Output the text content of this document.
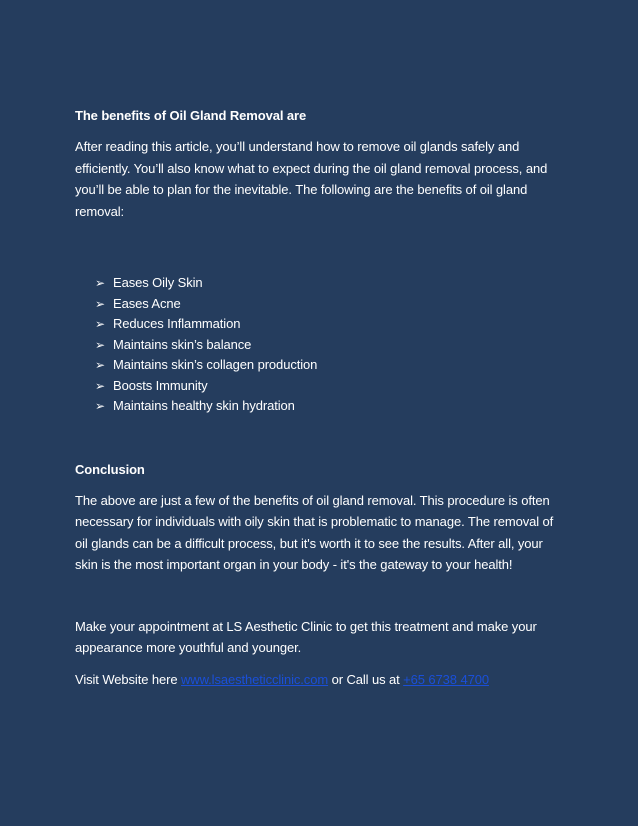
The benefits of Oil Gland Removal are

After reading this article, you’ll understand how to remove oil glands safely and efficiently. You’ll also know what to expect during the oil gland removal process, and you’ll be able to plan for the inevitable. The following are the benefits of oil gland removal:

➢ Eases Oily Skin
➢ Eases Acne
➢ Reduces Inflammation
➢ Maintains skin’s balance
➢ Maintains skin’s collagen production
➢ Boosts Immunity
➢ Maintains healthy skin hydration
Conclusion

The above are just a few of the benefits of oil gland removal. This procedure is often necessary for individuals with oily skin that is problematic to manage. The removal of oil glands can be a difficult process, but it's worth it to see the results. After all, your skin is the most important organ in your body - it's the gateway to your health!

Make your appointment at LS Aesthetic Clinic to get this treatment and make your appearance more youthful and younger.

Visit Website here www.lsaestheticclinic.com or Call us at +65 6738 4700
